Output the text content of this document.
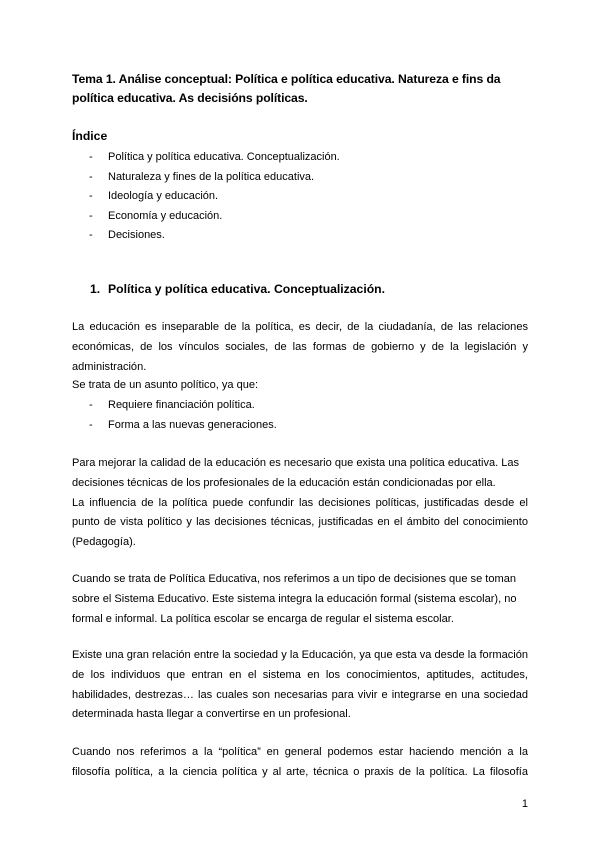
Tema 1. Análise conceptual: Política e política educativa. Natureza e fins da política educativa. As decisións políticas.
Índice
- Política y política educativa. Conceptualización.
- Naturaleza y fines de la política educativa.
- Ideología y educación.
- Economía y educación.
- Decisiones.
1. Política y política educativa. Conceptualización.

La educación es inseparable de la política, es decir, de la ciudadanía, de las relaciones económicas, de los vínculos sociales, de las formas de gobierno y de la legislación y administración.

Se trata de un asunto político, ya que:

- Requiere financiación política.
- Forma a las nuevas generaciones.
Para mejorar la calidad de la educación es necesario que exista una política educativa. Las decisiones técnicas de los profesionales de la educación están condicionadas por ella.
La influencia de la política puede confundir las decisiones políticas, justificadas desde el punto de vista político y las decisiones técnicas, justificadas en el ámbito del conocimiento (Pedagogía).

Cuando se trata de Política Educativa, nos referimos a un tipo de decisiones que se toman sobre el Sistema Educativo. Este sistema integra la educación formal (sistema escolar), no formal e informal. La política escolar se encarga de regular el sistema escolar.

Existe una gran relación entre la sociedad y la Educación, ya que esta va desde la formación de los individuos que entran en el sistema en los conocimientos, aptitudes, actitudes, habilidades, destrezas… las cuales son necesarias para vivir e integrarse en una sociedad determinada hasta llegar a convertirse en un profesional.

Cuando nos referimos a la “política” en general podemos estar haciendo mención a la filosofía política, a la ciencia política y al arte, técnica o praxis de la política. La filosofía

1
